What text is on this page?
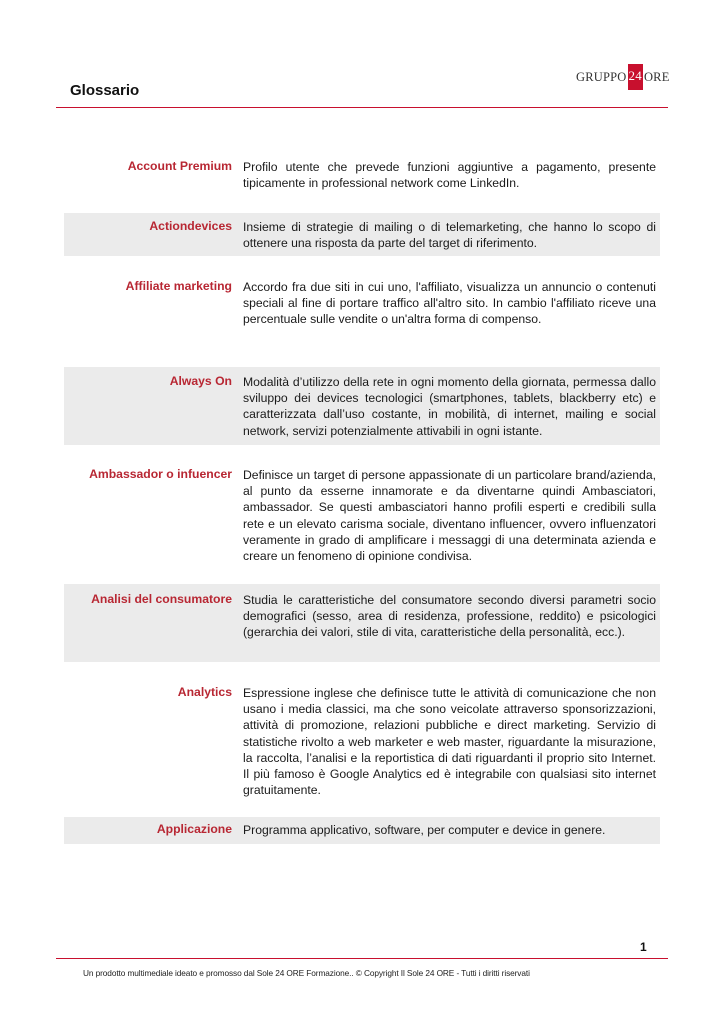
Glossario
GRUPPO 24 ORE
Account Premium Profilo utente che prevede funzioni aggiuntive a pagamento, presente tipicamente in professional network come LinkedIn.
Actiondevices Insieme di strategie di mailing o di telemarketing, che hanno lo scopo di ottenere una risposta da parte del target di riferimento.
Affiliate marketing Accordo fra due siti in cui uno, l'affiliato, visualizza un annuncio o contenuti speciali al fine di portare traffico all'altro sito. In cambio l'affiliato riceve una percentuale sulle vendite o un'altra forma di compenso.
Always On Modalità d’utilizzo della rete in ogni momento della giornata, permessa dallo sviluppo dei devices tecnologici (smartphones, tablets, blackberry etc) e caratterizzata dall’uso costante, in mobilità, di internet, mailing e social network, servizi potenzialmente attivabili in ogni istante.
Ambassador o infuencer Definisce un target di persone appassionate di un particolare brand/azienda, al punto da esserne innamorate e da diventarne quindi Ambasciatori, ambassador. Se questi ambasciatori hanno profili esperti e credibili sulla rete e un elevato carisma sociale, diventano influencer, ovvero influenzatori veramente in grado di amplificare i messaggi di una determinata azienda e creare un fenomeno di opinione condivisa.
Analisi del consumatore Studia le caratteristiche del consumatore secondo diversi parametri socio demografici (sesso, area di residenza, professione, reddito) e psicologici (gerarchia dei valori, stile di vita, caratteristiche della personalità, ecc.).
Analytics Espressione inglese che definisce tutte le attività di comunicazione che non usano i media classici, ma che sono veicolate attraverso sponsorizzazioni, attività di promozione, relazioni pubbliche e direct marketing. Servizio di statistiche rivolto a web marketer e web master, riguardante la misurazione, la raccolta, l’analisi e la reportistica di dati riguardanti il proprio sito Internet. Il più famoso è Google Analytics ed è integrabile con qualsiasi sito internet gratuitamente.
Applicazione Programma applicativo, software, per computer e device in genere.
1
Un prodotto multimediale ideato e promosso dal Sole 24 ORE Formazione.. © Copyright Il Sole 24 ORE - Tutti i diritti riservati
